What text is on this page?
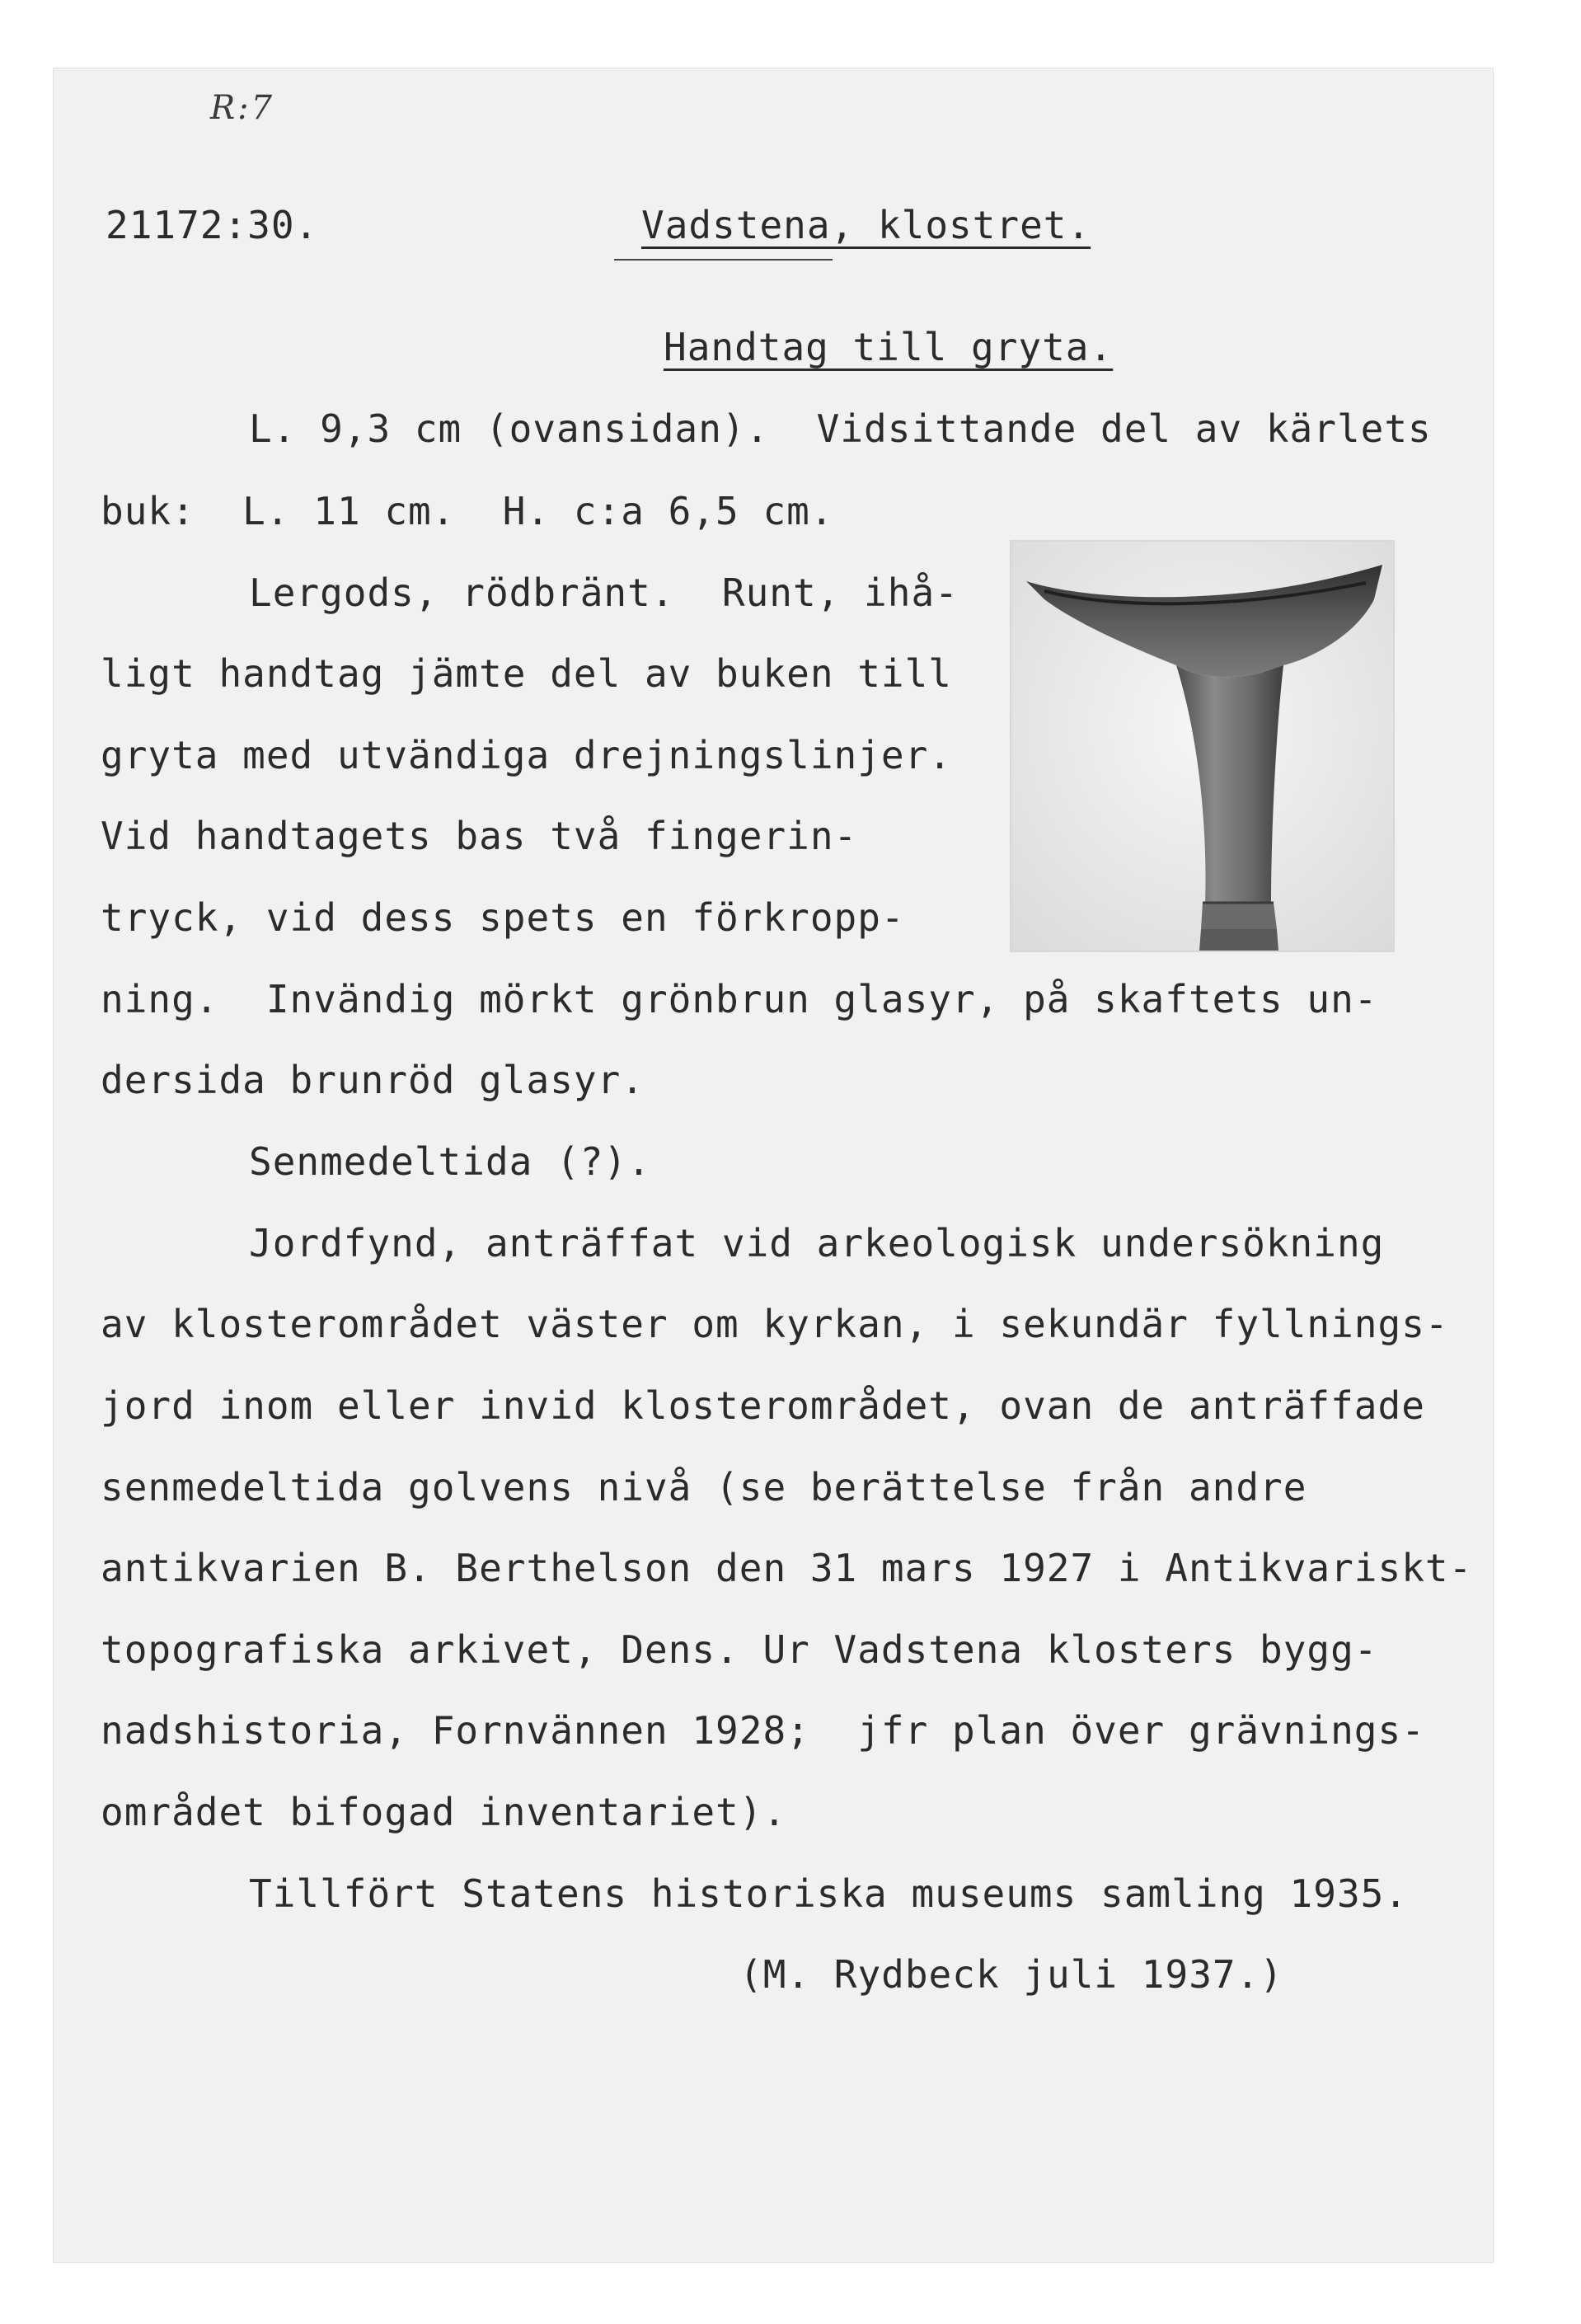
R:7
21172:30.	Vadstena, klostret.
Handtag till gryta.
L. 9,3 cm (ovansidan).  Vidsittande del av kärlets
buk:  L. 11 cm.  H. c:a 6,5 cm.
Lergods, rödbränt.  Runt, ihå-
ligt handtag jämte del av buken till
gryta med utvändiga drejningslinjer.
Vid handtagets bas två fingerin-
tryck, vid dess spets en förkropp-
ning.  Invändig mörkt grönbrun glasyr, på skaftets un-
dersida brunröd glasyr.
Senmedeltida (?).
Jordfynd, anträffat vid arkeologisk undersökning
av klosterområdet väster om kyrkan, i sekundär fyllnings-
jord inom eller invid klosterområdet, ovan de anträffade
senmedeltida golvens nivå (se berättelse från andre
antikvarien B. Berthelson den 31 mars 1927 i Antikvariskt-
topografiska arkivet, Dens. Ur Vadstena klosters bygg-
nadshistoria, Fornvännen 1928;  jfr plan över grävnings-
området bifogad inventariet).
Tillfört Statens historiska museums samling 1935.
(M. Rydbeck juli 1937.)
